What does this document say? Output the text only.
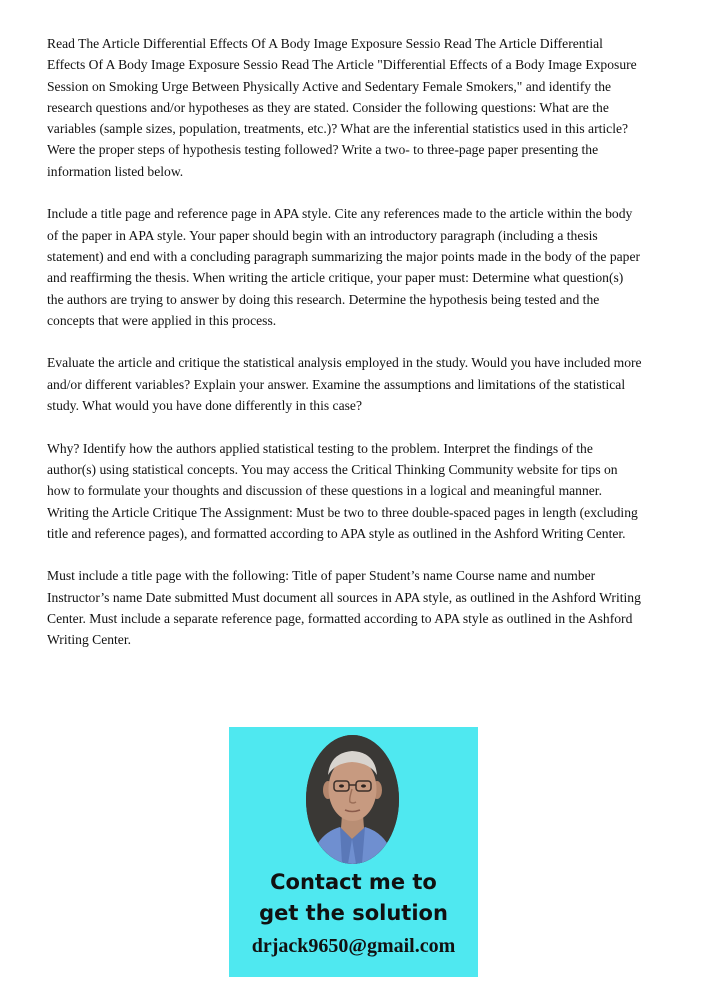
Read The Article Differential Effects Of A Body Image Exposure Sessio Read The Article Differential Effects Of A Body Image Exposure Sessio Read The Article "Differential Effects of a Body Image Exposure Session on Smoking Urge Between Physically Active and Sedentary Female Smokers," and identify the research questions and/or hypotheses as they are stated. Consider the following questions: What are the variables (sample sizes, population, treatments, etc.)? What are the inferential statistics used in this article? Were the proper steps of hypothesis testing followed? Write a two- to three-page paper presenting the information listed below.

Include a title page and reference page in APA style. Cite any references made to the article within the body of the paper in APA style. Your paper should begin with an introductory paragraph (including a thesis statement) and end with a concluding paragraph summarizing the major points made in the body of the paper and reaffirming the thesis. When writing the article critique, your paper must: Determine what question(s) the authors are trying to answer by doing this research. Determine the hypothesis being tested and the concepts that were applied in this process.

Evaluate the article and critique the statistical analysis employed in the study. Would you have included more and/or different variables? Explain your answer. Examine the assumptions and limitations of the statistical study. What would you have done differently in this case?

Why? Identify how the authors applied statistical testing to the problem. Interpret the findings of the author(s) using statistical concepts. You may access the Critical Thinking Community website for tips on how to formulate your thoughts and discussion of these questions in a logical and meaningful manner. Writing the Article Critique The Assignment: Must be two to three double-spaced pages in length (excluding title and reference pages), and formatted according to APA style as outlined in the Ashford Writing Center.

Must include a title page with the following: Title of paper Student’s name Course name and number Instructor’s name Date submitted Must document all sources in APA style, as outlined in the Ashford Writing Center. Must include a separate reference page, formatted according to APA style as outlined in the Ashford Writing Center.

Contact me to
get the solution
drjack9650@gmail.com
